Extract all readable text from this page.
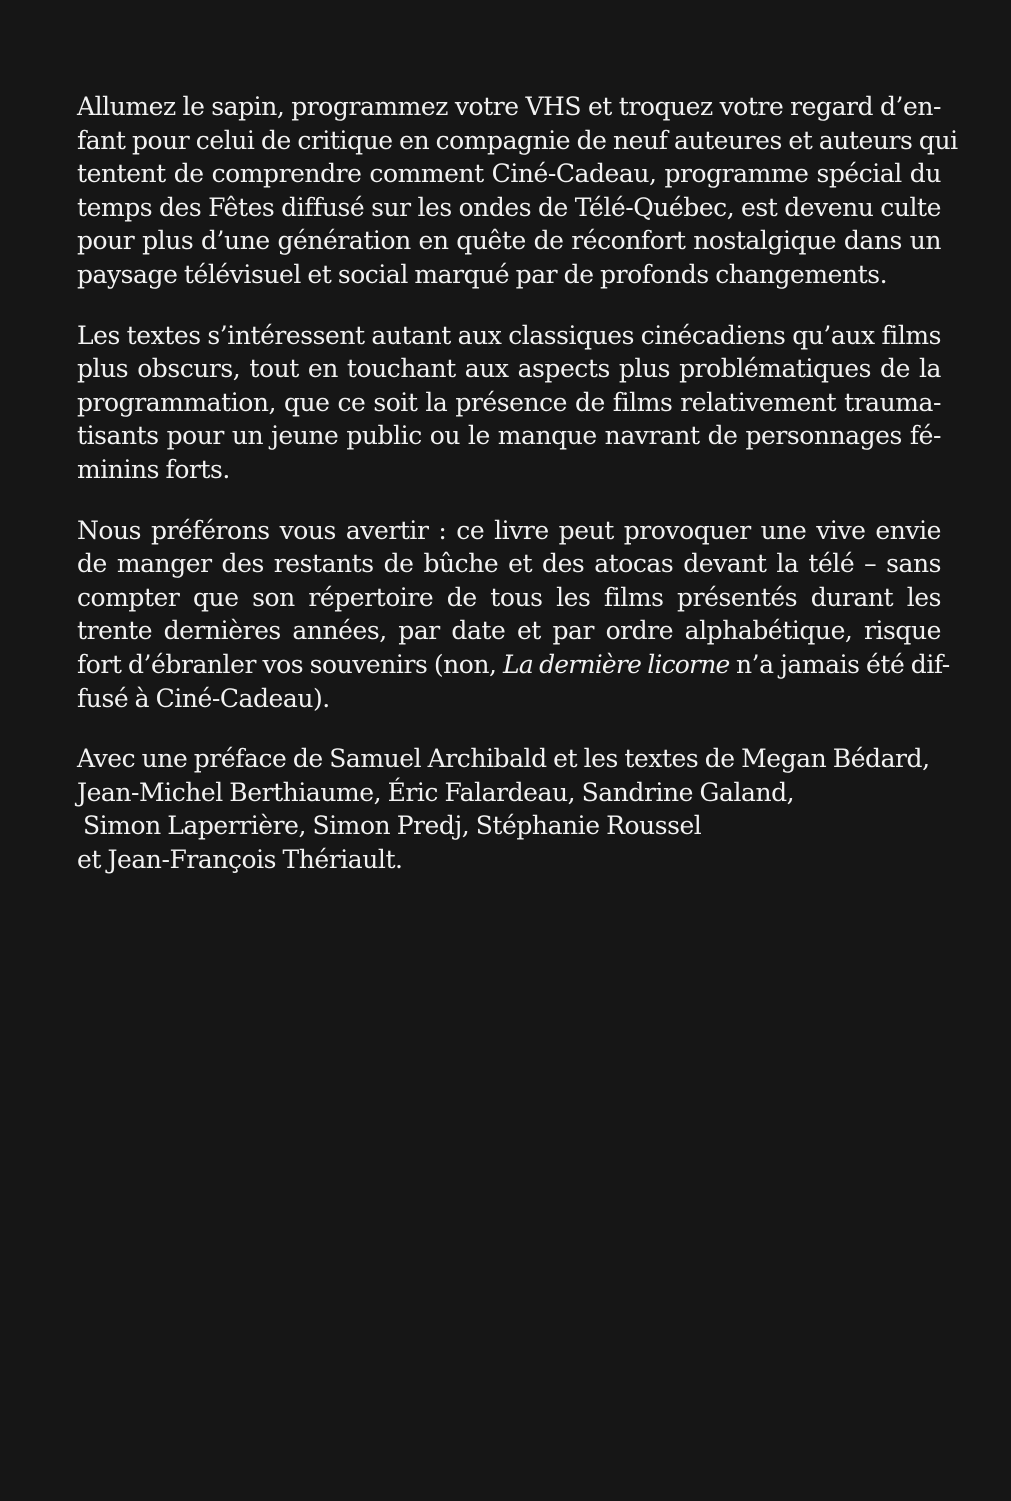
Allumez le sapin, programmez votre VHS et troquez votre regard d’en-
fant pour celui de critique en compagnie de neuf auteures et auteurs qui
tentent de comprendre comment Ciné-Cadeau, programme spécial du
temps des Fêtes diffusé sur les ondes de Télé-Québec, est devenu culte
pour plus d’une génération en quête de réconfort nostalgique dans un
paysage télévisuel et social marqué par de profonds changements.

Les textes s’intéressent autant aux classiques cinécadiens qu’aux films
plus obscurs, tout en touchant aux aspects plus problématiques de la
programmation, que ce soit la présence de films relativement trauma-
tisants pour un jeune public ou le manque navrant de personnages fé-
minins forts.

Nous préférons vous avertir : ce livre peut provoquer une vive envie
de manger des restants de bûche et des atocas devant la télé – sans
compter que son répertoire de tous les films présentés durant les
trente dernières années, par date et par ordre alphabétique, risque
fort d’ébranler vos souvenirs (non, La dernière licorne n’a jamais été dif-
fusé à Ciné-Cadeau).

Avec une préface de Samuel Archibald et les textes de Megan Bédard,
Jean-Michel Berthiaume, Éric Falardeau, Sandrine Galand,
Simon Laperrière, Simon Predj, Stéphanie Roussel
et Jean-François Thériault.
